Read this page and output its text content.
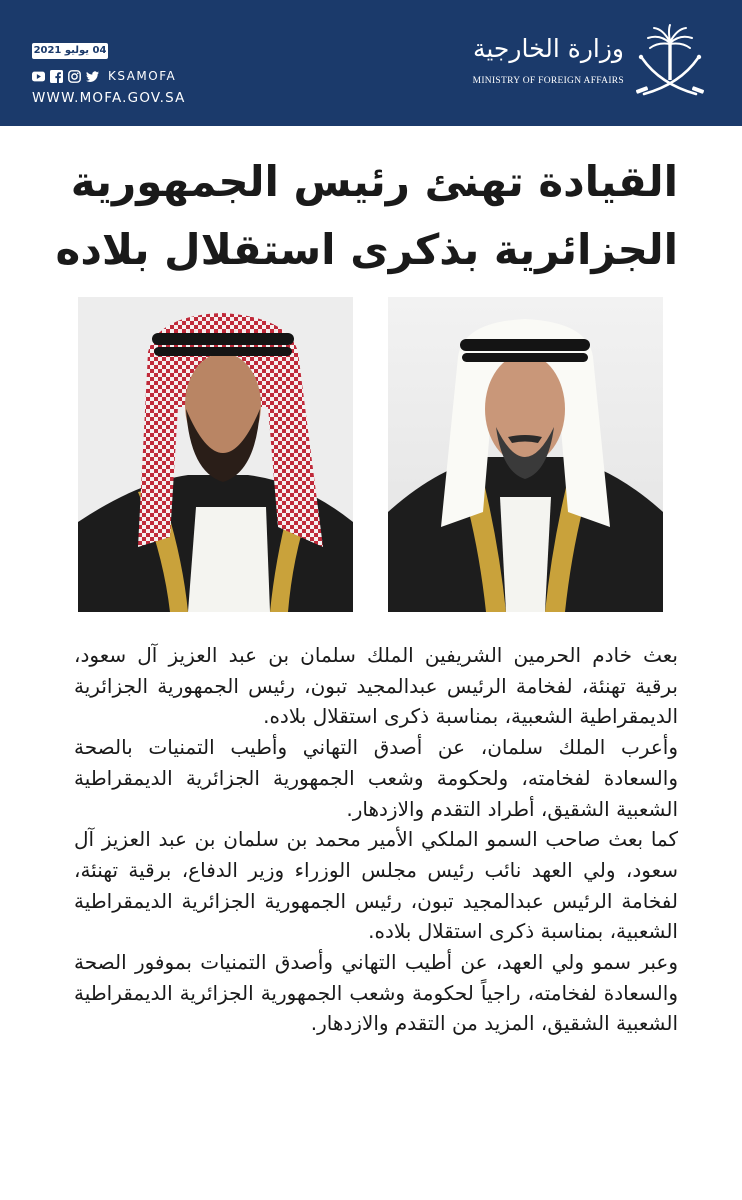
04 يوليو 2021
KSAMOFA
WWW.MOFA.GOV.SA
وزارة الخارجية
MINISTRY OF FOREIGN AFFAIRS
القيادة تهنئ رئيس الجمهورية الجزائرية بذكرى استقلال بلاده

بعث خادم الحرمين الشريفين الملك سلمان بن عبد العزيز آل سعود، برقية تهنئة، لفخامة الرئيس عبدالمجيد تبون، رئيس الجمهورية الجزائرية الديمقراطية الشعبية، بمناسبة ذكرى استقلال بلاده.

وأعرب الملك سلمان، عن أصدق التهاني وأطيب التمنيات بالصحة والسعادة لفخامته، ولحكومة وشعب الجمهورية الجزائرية الديمقراطية الشعبية الشقيق، أطراد التقدم والازدهار.

كما بعث صاحب السمو الملكي الأمير محمد بن سلمان بن عبد العزيز آل سعود، ولي العهد نائب رئيس مجلس الوزراء وزير الدفاع، برقية تهنئة، لفخامة الرئيس عبدالمجيد تبون، رئيس الجمهورية الجزائرية الديمقراطية الشعبية، بمناسبة ذكرى استقلال بلاده.

وعبر سمو ولي العهد، عن أطيب التهاني وأصدق التمنيات بموفور الصحة والسعادة لفخامته، راجياً لحكومة وشعب الجمهورية الجزائرية الديمقراطية الشعبية الشقيق، المزيد من التقدم والازدهار.
